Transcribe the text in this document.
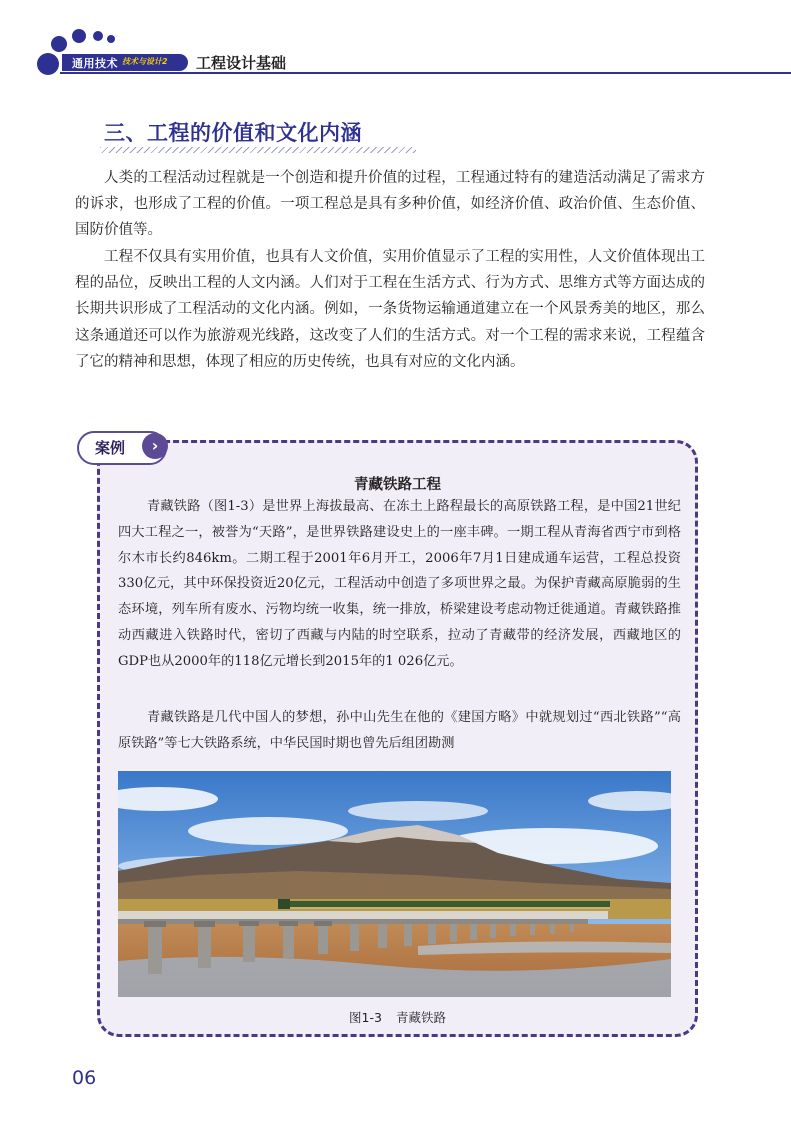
通用技术 技术与设计2 工程设计基础
三、工程的价值和文化内涵

人类的工程活动过程就是一个创造和提升价值的过程，工程通过特有的建造活动满足了需求方的诉求，也形成了工程的价值。一项工程总是具有多种价值，如经济价值、政治价值、生态价值、国防价值等。

工程不仅具有实用价值，也具有人文价值，实用价值显示了工程的实用性，人文价值体现出工程的品位，反映出工程的人文内涵。人们对于工程在生活方式、行为方式、思维方式等方面达成的长期共识形成了工程活动的文化内涵。例如，一条货物运输通道建立在一个风景秀美的地区，那么这条通道还可以作为旅游观光线路，这改变了人们的生活方式。对一个工程的需求来说，工程蕴含了它的精神和思想，体现了相应的历史传统，也具有对应的文化内涵。

案例	›
青藏铁路工程

青藏铁路（图1-3）是世界上海拔最高、在冻土上路程最长的高原铁路工程，是中国21世纪四大工程之一，被誉为“天路”，是世界铁路建设史上的一座丰碑。一期工程从青海省西宁市到格尔木市长约846km。二期工程于2001年6月开工，2006年7月1日建成通车运营，工程总投资330亿元，其中环保投资近20亿元，工程活动中创造了多项世界之最。为保护青藏高原脆弱的生态环境，列车所有废水、污物均统一收集，统一排放，桥梁建设考虑动物迁徙通道。青藏铁路推动西藏进入铁路时代，密切了西藏与内陆的时空联系，拉动了青藏带的经济发展，西藏地区的GDP也从2000年的118亿元增长到2015年的1 026亿元。

青藏铁路是几代中国人的梦想，孙中山先生在他的《建国方略》中就规划过“西北铁路”“高原铁路”等七大铁路系统，中华民国时期也曾先后组团勘测

图1-3 青藏铁路
06
